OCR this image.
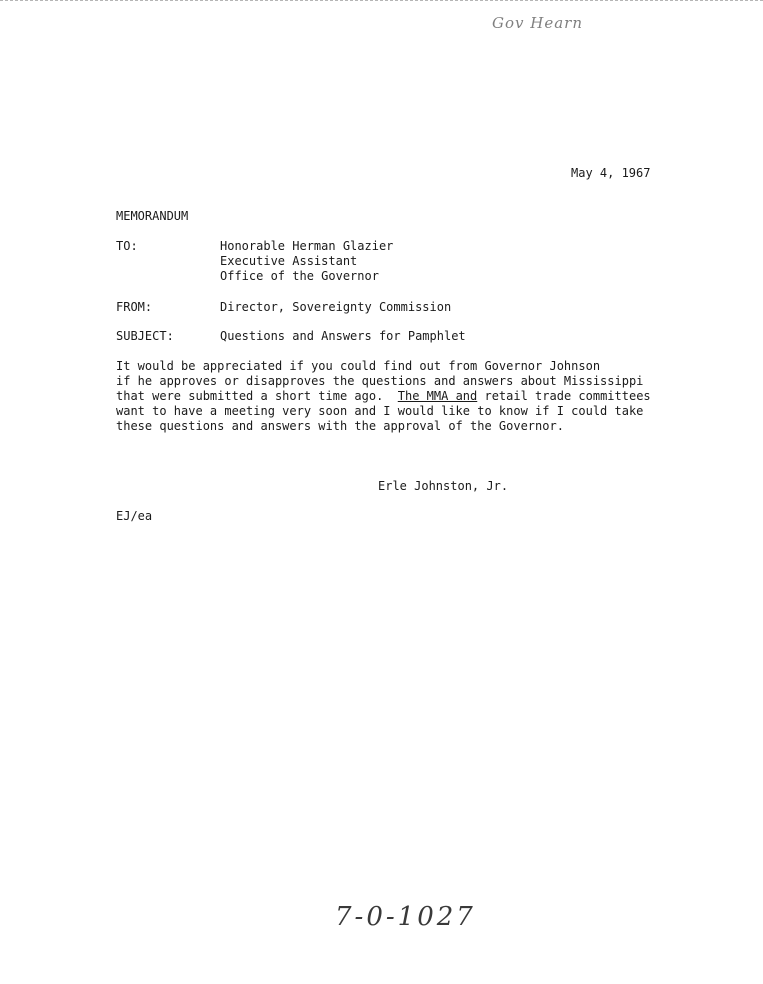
Gov Hearn
May 4, 1967
MEMORANDUM
TO:	Honorable Herman Glazier
Executive Assistant
Office of the Governor
FROM:	Director, Sovereignty Commission
SUBJECT:	Questions and Answers for Pamphlet
It would be appreciated if you could find out from Governor Johnson
if he approves or disapproves the questions and answers about Mississippi
that were submitted a short time ago.  The MMA and retail trade committees
want to have a meeting very soon and I would like to know if I could take
these questions and answers with the approval of the Governor.
Erle Johnston, Jr.
EJ/ea
7-0-1027
